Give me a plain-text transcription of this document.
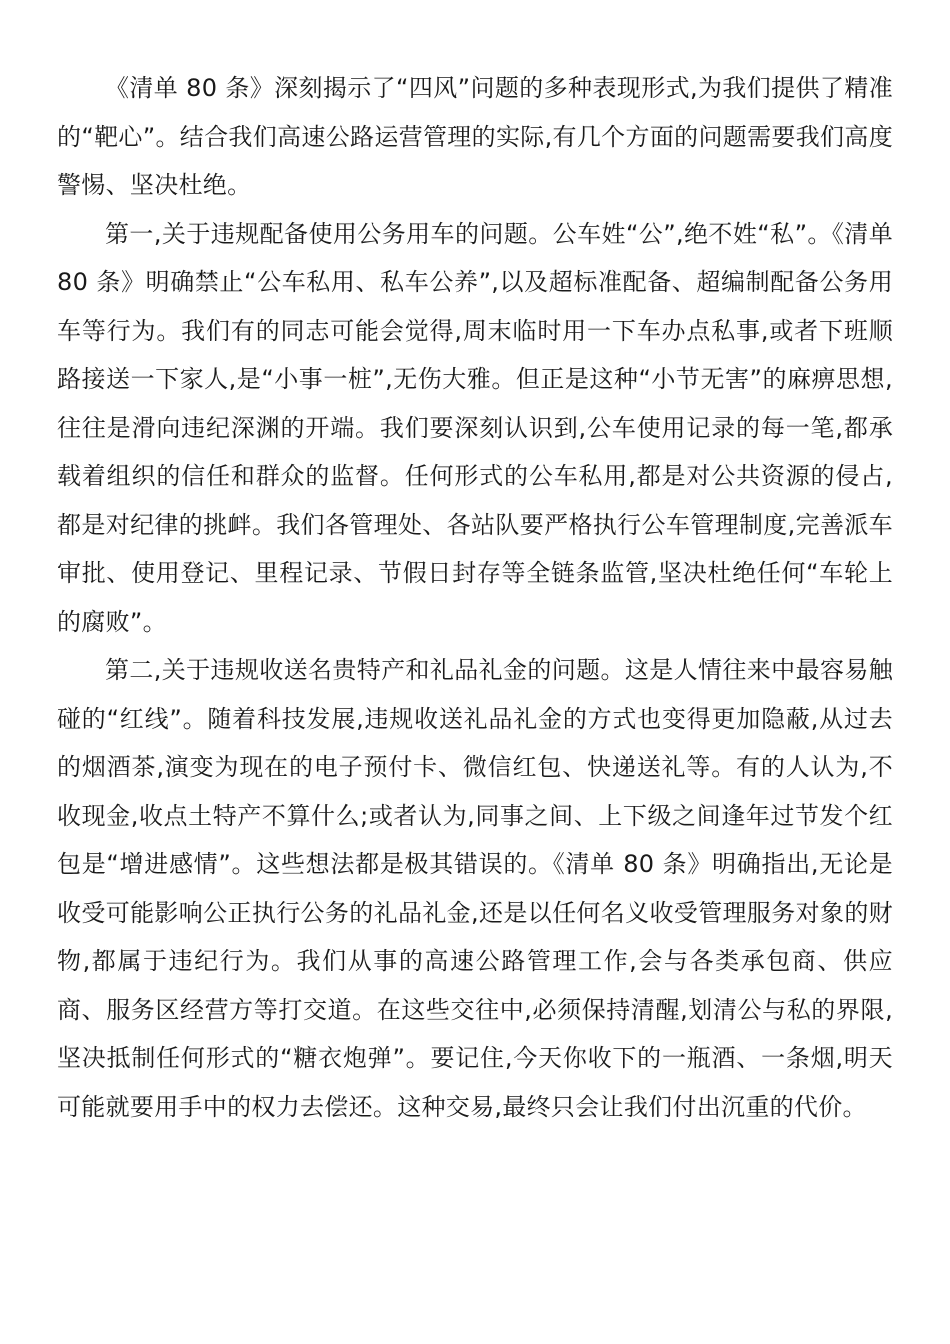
《清单 80 条》深刻揭示了“四风”问题的多种表现形式,为我们提供了精准的“靶心”。结合我们高速公路运营管理的实际,有几个方面的问题需要我们高度警惕、坚决杜绝。

第一,关于违规配备使用公务用车的问题。公车姓“公”,绝不姓“私”。《清单 80 条》明确禁止“公车私用、私车公养”,以及超标准配备、超编制配备公务用车等行为。我们有的同志可能会觉得,周末临时用一下车办点私事,或者下班顺路接送一下家人,是“小事一桩”,无伤大雅。但正是这种“小节无害”的麻痹思想,往往是滑向违纪深渊的开端。我们要深刻认识到,公车使用记录的每一笔,都承载着组织的信任和群众的监督。任何形式的公车私用,都是对公共资源的侵占,都是对纪律的挑衅。我们各管理处、各站队要严格执行公车管理制度,完善派车审批、使用登记、里程记录、节假日封存等全链条监管,坚决杜绝任何“车轮上的腐败”。

第二,关于违规收送名贵特产和礼品礼金的问题。这是人情往来中最容易触碰的“红线”。随着科技发展,违规收送礼品礼金的方式也变得更加隐蔽,从过去的烟酒茶,演变为现在的电子预付卡、微信红包、快递送礼等。有的人认为,不收现金,收点土特产不算什么;或者认为,同事之间、上下级之间逢年过节发个红包是“增进感情”。这些想法都是极其错误的。《清单 80 条》明确指出,无论是收受可能影响公正执行公务的礼品礼金,还是以任何名义收受管理服务对象的财物,都属于违纪行为。我们从事的高速公路管理工作,会与各类承包商、供应商、服务区经营方等打交道。在这些交往中,必须保持清醒,划清公与私的界限,坚决抵制任何形式的“糖衣炮弹”。要记住,今天你收下的一瓶酒、一条烟,明天可能就要用手中的权力去偿还。这种交易,最终只会让我们付出沉重的代价。
